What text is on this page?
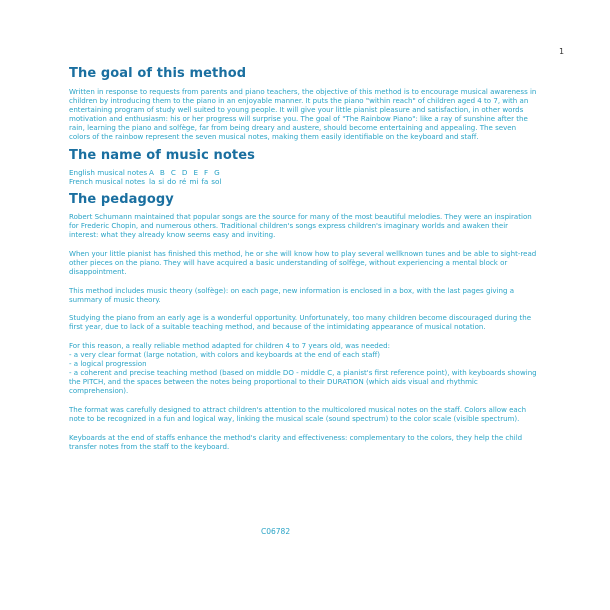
1
The goal of this method

Written in response to requests from parents and piano teachers, the objective of this method is to encourage musical awareness in children by introducing them to the piano in an enjoyable manner. It puts the piano "within reach" of children aged 4 to 7, with an entertaining program of study well suited to young people. It will give your little pianist pleasure and satisfaction, in other words motivation and enthusiasm: his or her progress will surprise you. The goal of "The Rainbow Piano": like a ray of sunshine after the rain, learning the piano and solfège, far from being dreary and austere, should become entertaining and appealing. The seven colors of the rainbow represent the seven musical notes, making them easily identifiable on the keyboard and staff.

The name of music notes
English musical notes A B C D E F G
French musical notes la si do ré mi fa sol
The pedagogy

Robert Schumann maintained that popular songs are the source for many of the most beautiful melodies. They were an inspiration for Frederic Chopin, and numerous others. Traditional children's songs express children's imaginary worlds and awaken their interest: what they already know seems easy and inviting.

When your little pianist has finished this method, he or she will know how to play several wellknown tunes and be able to sight-read other pieces on the piano. They will have acquired a basic understanding of solfège, without experiencing a mental block or disappointment.

This method includes music theory (solfège): on each page, new information is enclosed in a box, with the last pages giving a summary of music theory.

Studying the piano from an early age is a wonderful opportunity. Unfortunately, too many children become discouraged during the first year, due to lack of a suitable teaching method, and because of the intimidating appearance of musical notation.

For this reason, a really reliable method adapted for children 4 to 7 years old, was needed:
- a very clear format (large notation, with colors and keyboards at the end of each staff)
- a logical progression
- a coherent and precise teaching method (based on middle DO - middle C, a pianist's first reference point), with keyboards showing the PITCH, and the spaces between the notes being proportional to their DURATION (which aids visual and rhythmic comprehension).

The format was carefully designed to attract children's attention to the multicolored musical notes on the staff. Colors allow each note to be recognized in a fun and logical way, linking the musical scale (sound spectrum) to the color scale (visible spectrum).

Keyboards at the end of staffs enhance the method's clarity and effectiveness: complementary to the colors, they help the child transfer notes from the staff to the keyboard.

C06782
